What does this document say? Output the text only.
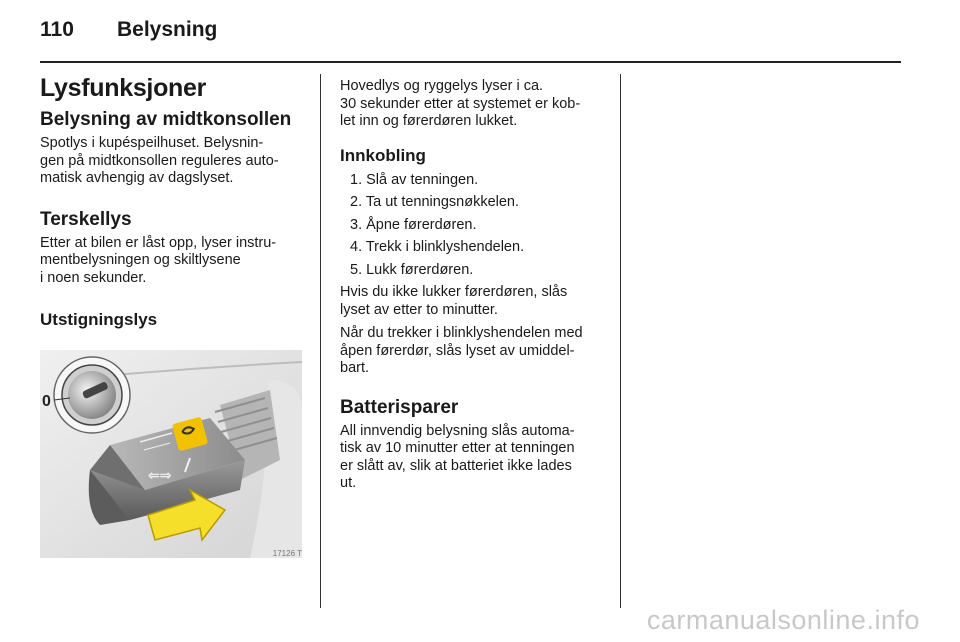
110 Belysning
Lysfunksjoner
Belysning av midtkonsollen

Spotlys i kupéspeilhuset. Belysnin-

gen på midtkonsollen reguleres auto-

matisk avhengig av dagslyset.

Terskellys

Etter at bilen er låst opp, lyser instru-

mentbelysningen og skiltlysene

i noen sekunder.

Utstigningslys
⇐⇒
0
17126 T

Hovedlys og ryggelys lyser i ca.

30 sekunder etter at systemet er kob-

let inn og førerdøren lukket.

Innkobling
1. Slå av tenningen.
2. Ta ut tenningsnøkkelen.
3. Åpne førerdøren.
4. Trekk i blinklyshendelen.
5. Lukk førerdøren.

Hvis du ikke lukker førerdøren, slås

lyset av etter to minutter.

Når du trekker i blinklyshendelen med

åpen førerdør, slås lyset av umiddel-

bart.

Batterisparer

All innvendig belysning slås automa-

tisk av 10 minutter etter at tenningen

er slått av, slik at batteriet ikke lades

ut.

carmanualsonline.info
